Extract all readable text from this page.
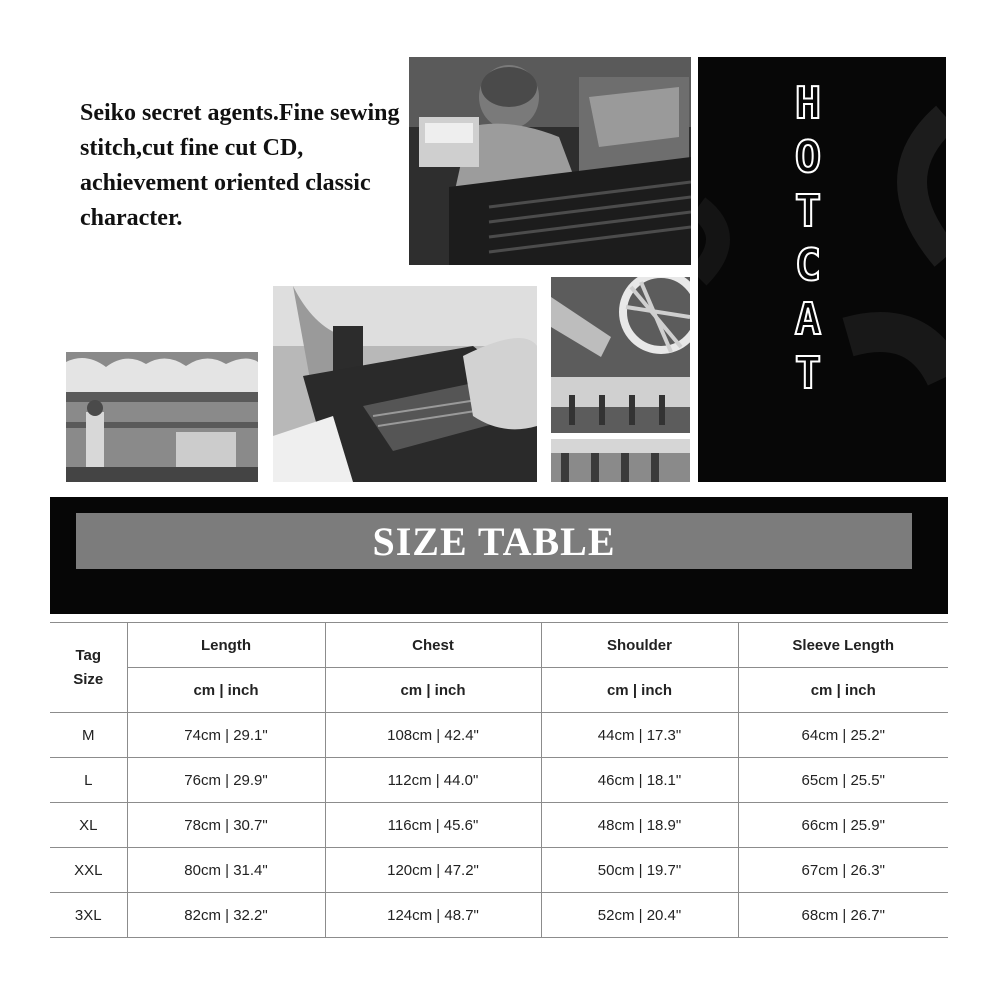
Seiko secret agents.Fine sewing stitch,cut fine cut CD, achievement oriented classic character.
H
O
T
C
A
T
SIZE TABLE
Tag Size	Length	Chest	Shoulder	Sleeve Length
	cm | inch	cm | inch	cm | inch	cm | inch
M	74cm | 29.1"	108cm | 42.4"	44cm | 17.3"	64cm | 25.2"
L	76cm | 29.9"	112cm | 44.0"	46cm | 18.1"	65cm | 25.5"
XL	78cm | 30.7"	116cm | 45.6"	48cm | 18.9"	66cm | 25.9"
XXL	80cm | 31.4"	120cm | 47.2"	50cm | 19.7"	67cm | 26.3"
3XL	82cm | 32.2"	124cm | 48.7"	52cm | 20.4"	68cm | 26.7"
